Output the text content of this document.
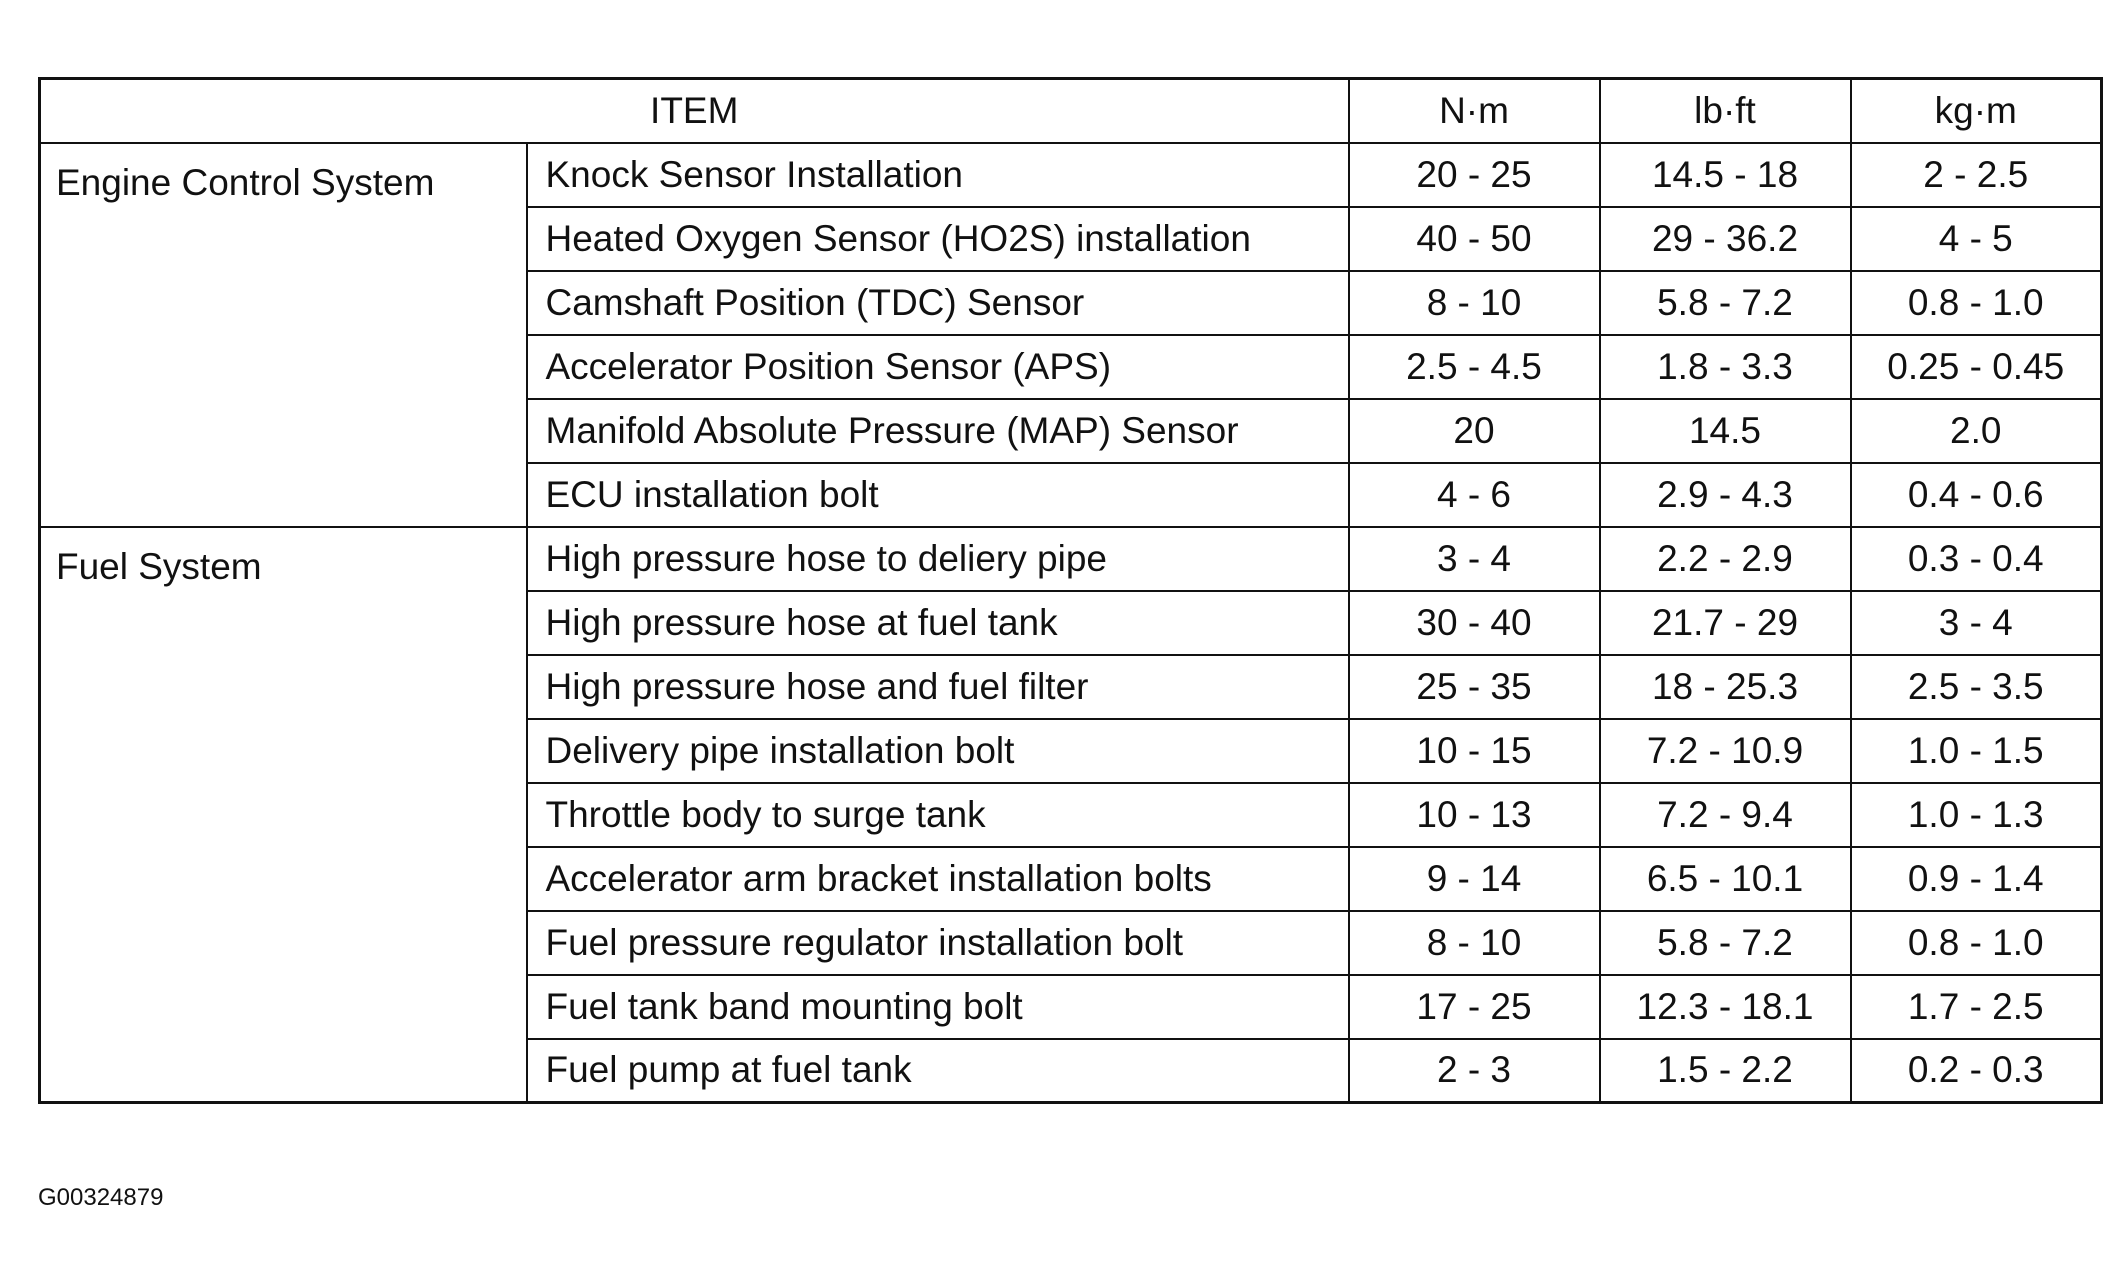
ITEM		N·m	lb·ft	kg·m
Engine Control System	Knock Sensor Installation	20 - 25	14.5 - 18	2 - 2.5
	Heated Oxygen Sensor (HO2S) installation	40 - 50	29 - 36.2	4 - 5
	Camshaft Position (TDC) Sensor	8 - 10	5.8 - 7.2	0.8 - 1.0
	Accelerator Position Sensor (APS)	2.5 - 4.5	1.8 - 3.3	0.25 - 0.45
	Manifold Absolute Pressure (MAP) Sensor	20	14.5	2.0
	ECU installation bolt	4 - 6	2.9 - 4.3	0.4 - 0.6
Fuel System	High pressure hose to deliery pipe	3 - 4	2.2 - 2.9	0.3 - 0.4
	High pressure hose at fuel tank	30 - 40	21.7 - 29	3 - 4
	High pressure hose and fuel filter	25 - 35	18 - 25.3	2.5 - 3.5
	Delivery pipe installation bolt	10 - 15	7.2 - 10.9	1.0 - 1.5
	Throttle body to surge tank	10 - 13	7.2 - 9.4	1.0 - 1.3
	Accelerator arm bracket installation bolts	9 - 14	6.5 - 10.1	0.9 - 1.4
	Fuel pressure regulator installation bolt	8 - 10	5.8 - 7.2	0.8 - 1.0
	Fuel tank band mounting bolt	17 - 25	12.3 - 18.1	1.7 - 2.5
	Fuel pump at fuel tank	2 - 3	1.5 - 2.2	0.2 - 0.3
G00324879
